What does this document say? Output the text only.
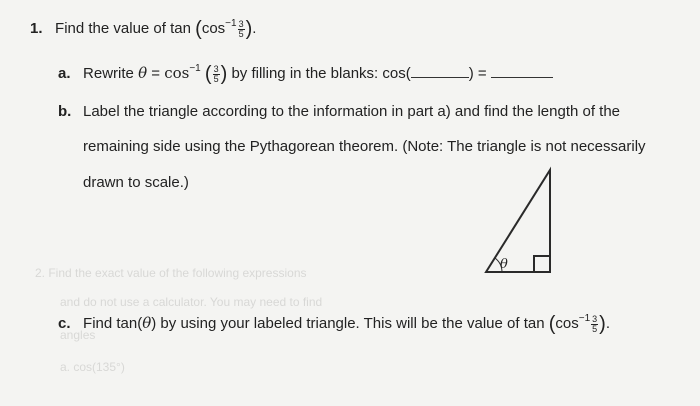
2. Find the exact value of the following expressions
and do not use a calculator. You may need to find
angles
a. cos(135°)
1. Find the value of $\tan (\cos^{-1} \frac{3}{5}$ ).
a. Rewrite $\theta = \cos^{-1}$ ( $\frac{3}{5}$ ) by filling in the blanks: cos(	) =
b. Label the triangle according to the information in part a) and find the length of the
remaining side using the Pythagorean theorem. (Note: The triangle is not necessarily
drawn to scale.)
θ
c. Find tan(θ) by using your labeled triangle. This will be the value of $\tan (\cos^{-1} \frac{3}{5}$ ).
